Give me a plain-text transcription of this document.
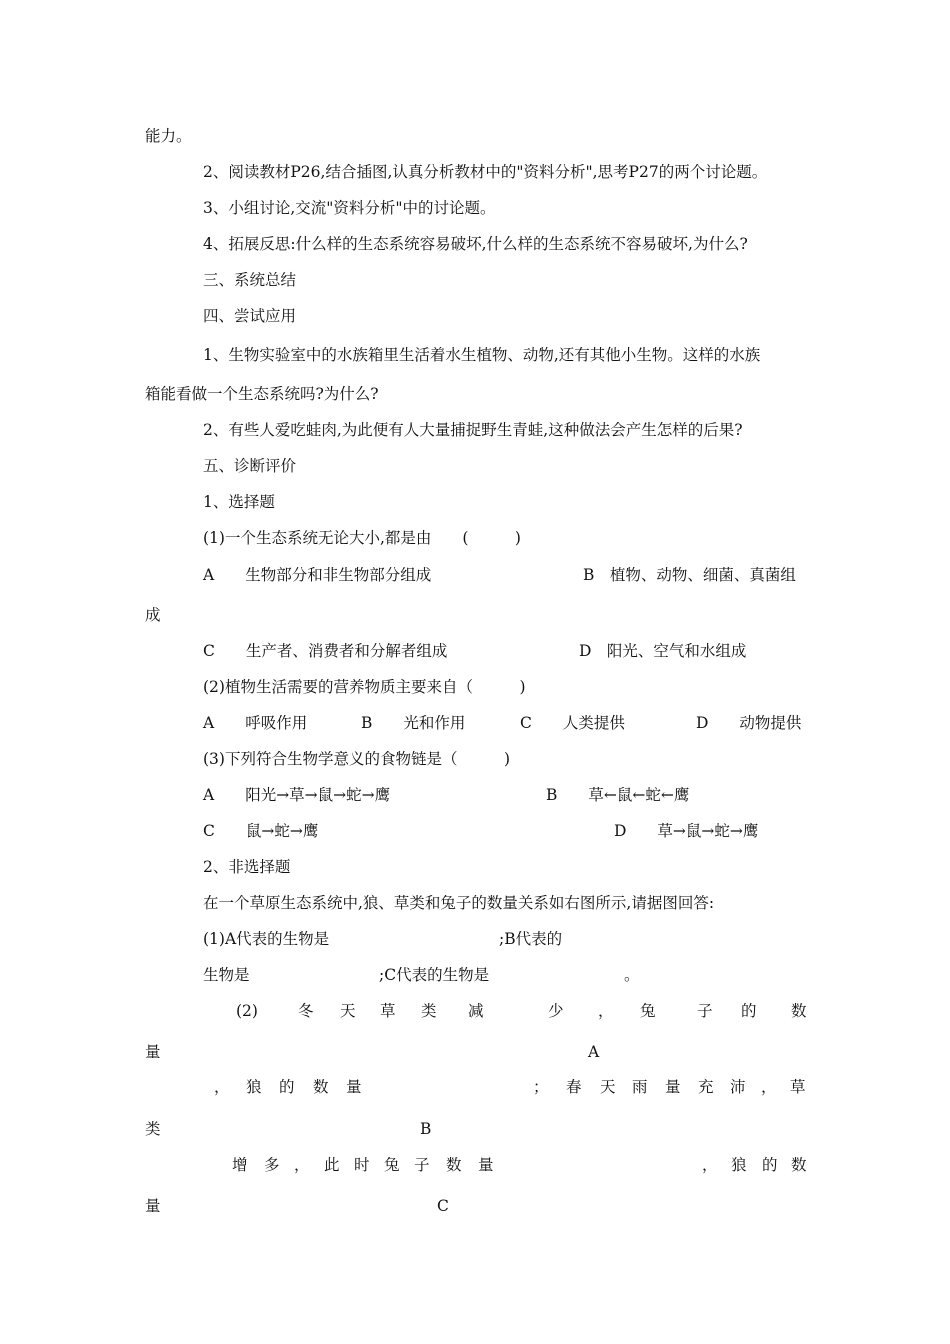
能力。
2、阅读教材P26,结合插图,认真分析教材中的"资料分析",思考P27的两个讨论题。
3、小组讨论,交流"资料分析"中的讨论题。
4、拓展反思:什么样的生态系统容易破坏,什么样的生态系统不容易破坏,为什么?
三、系统总结
四、尝试应用
1、生物实验室中的水族箱里生活着水生植物、动物,还有其他小生物。这样的水族
箱能看做一个生态系统吗?为什么?
2、有些人爱吃蛙肉,为此便有人大量捕捉野生青蛙,这种做法会产生怎样的后果?
五、诊断评价
1、选择题
(1)一个生态系统无论大小,都是由　　(　　　)
A　　生物部分和非生物部分组成	B　植物、动物、细菌、真菌组
成
C　　生产者、消费者和分解者组成	D　阳光、空气和水组成
(2)植物生活需要的营养物质主要来自（　　　)
A　　呼吸作用	B　　光和作用	C　　人类提供	D　　动物提供
(3)下列符合生物学意义的食物链是（　　　)
A　　阳光→草→鼠→蛇→鹰	B　　草←鼠←蛇←鹰
C　　鼠→蛇→鹰	D　　草→鼠→蛇→鹰
2、非选择题
在一个草原生态系统中,狼、草类和兔子的数量关系如右图所示,请据图回答:
(1)A代表的生物是	;B代表的
生物是	;C代表的生物是	。
(2)	冬 天 草 类 减	少 ， 兔	子 的 数
量	A
， 狼 的 数 量	； 春 天 雨 量 充 沛 ， 草
类	B
增 多 ， 此 时 兔 子 数 量	， 狼 的 数
量	C
